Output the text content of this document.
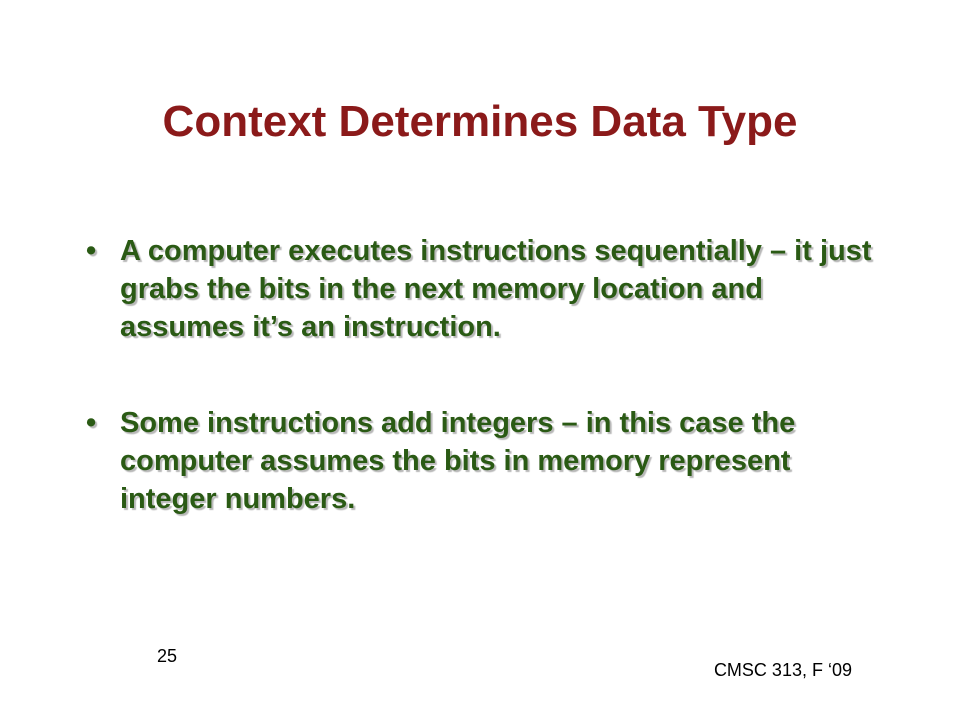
Context Determines Data Type
• A computer executes instructions sequentially – it just grabs the bits in the next memory location and assumes it’s an instruction.
• Some instructions add integers – in this case the computer assumes the bits in memory represent integer numbers.
25
CMSC 313, F ‘09
